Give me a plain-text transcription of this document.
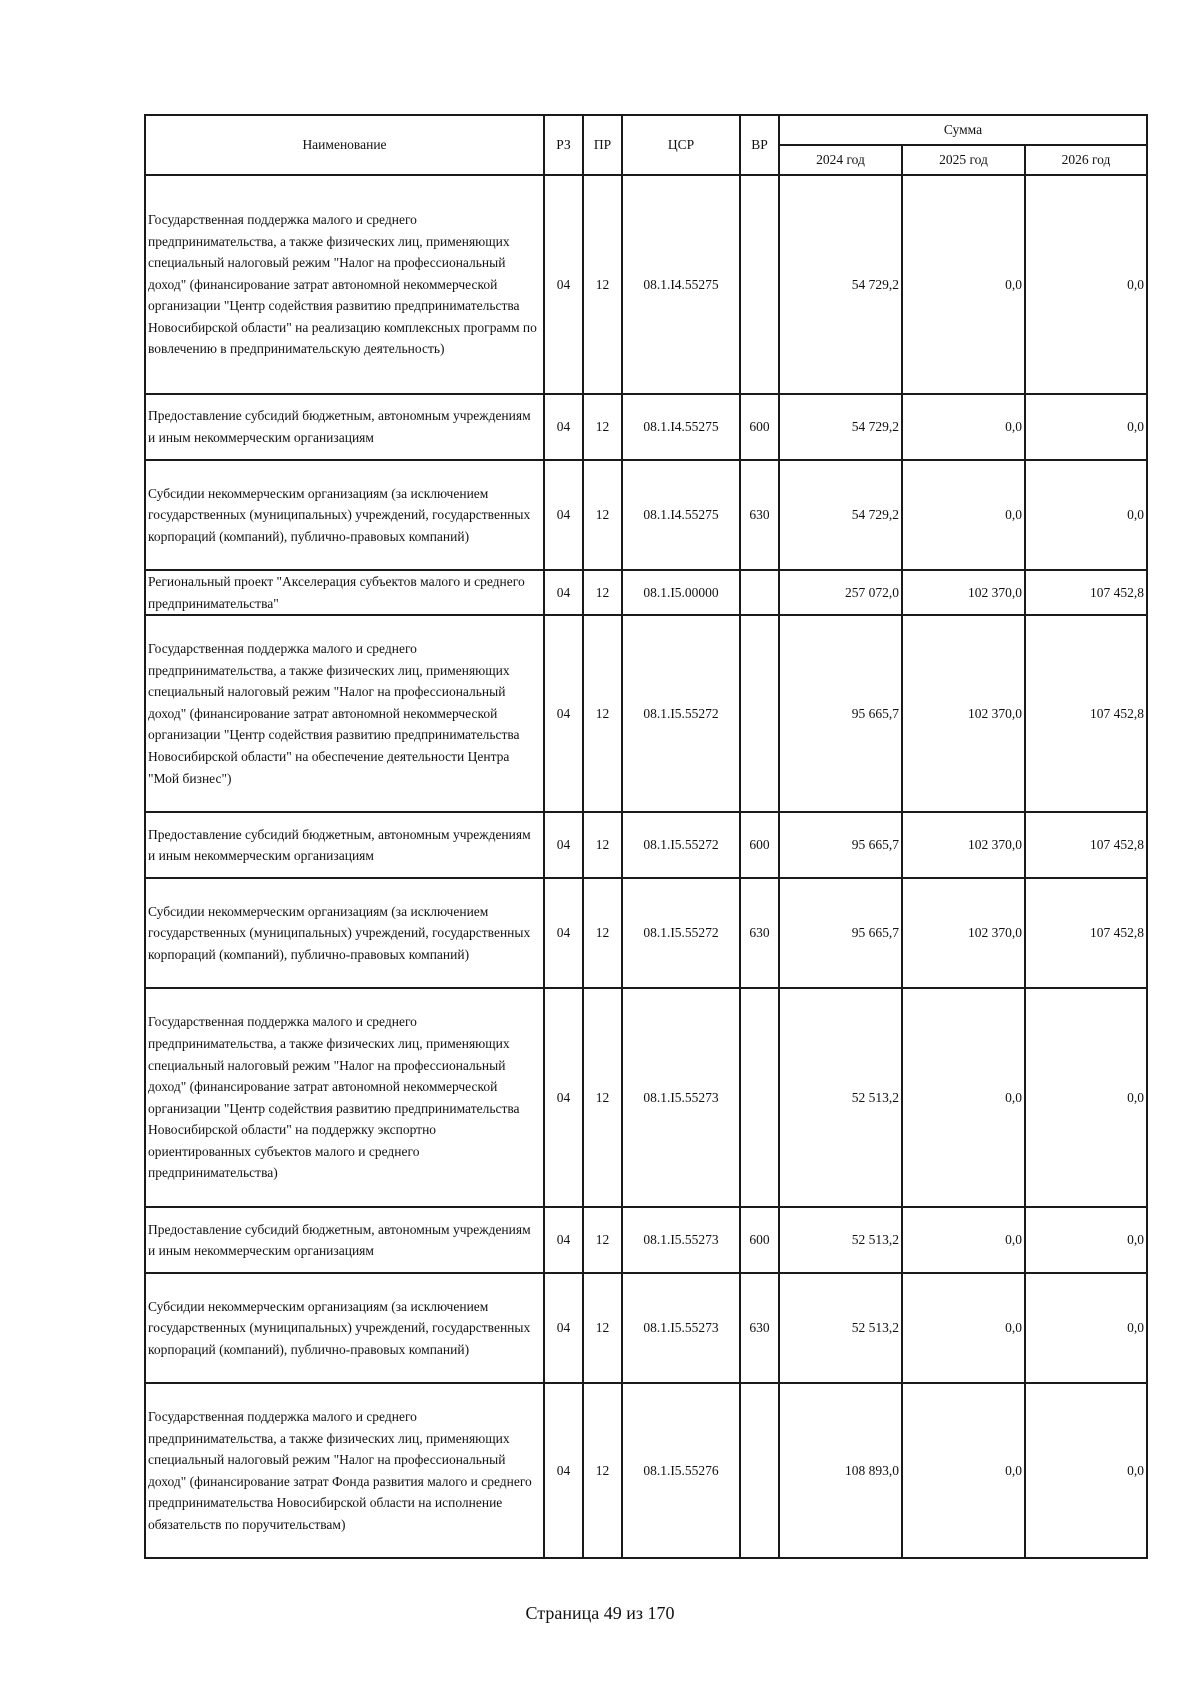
Наименование	РЗ	ПР	ЦСР	ВР	Сумма		
					2024 год	2025 год	2026 год
Государственная поддержка малого и среднего предпринимательства, а также физических лиц, применяющих специальный налоговый режим "Налог на профессиональный доход" (финансирование затрат автономной некоммерческой организации "Центр содействия развитию предпринимательства Новосибирской области" на реализацию комплексных программ по вовлечению в предпринимательскую деятельность)	04	12	08.1.I4.55275		54 729,2	0,0	0,0
Предоставление субсидий бюджетным, автономным учреждениям и иным некоммерческим организациям	04	12	08.1.I4.55275	600	54 729,2	0,0	0,0
Субсидии некоммерческим организациям (за исключением государственных (муниципальных) учреждений, государственных корпораций (компаний), публично-правовых компаний)	04	12	08.1.I4.55275	630	54 729,2	0,0	0,0
Региональный проект "Акселерация субъектов малого и среднего предпринимательства"	04	12	08.1.I5.00000		257 072,0	102 370,0	107 452,8
Государственная поддержка малого и среднего предпринимательства, а также физических лиц, применяющих специальный налоговый режим "Налог на профессиональный доход" (финансирование затрат автономной некоммерческой организации "Центр содействия развитию предпринимательства Новосибирской области" на обеспечение деятельности Центра "Мой бизнес")	04	12	08.1.I5.55272		95 665,7	102 370,0	107 452,8
Предоставление субсидий бюджетным, автономным учреждениям и иным некоммерческим организациям	04	12	08.1.I5.55272	600	95 665,7	102 370,0	107 452,8
Субсидии некоммерческим организациям (за исключением государственных (муниципальных) учреждений, государственных корпораций (компаний), публично-правовых компаний)	04	12	08.1.I5.55272	630	95 665,7	102 370,0	107 452,8
Государственная поддержка малого и среднего предпринимательства, а также физических лиц, применяющих специальный налоговый режим "Налог на профессиональный доход" (финансирование затрат автономной некоммерческой организации "Центр содействия развитию предпринимательства Новосибирской области" на поддержку экспортно ориентированных субъектов малого и среднего предпринимательства)	04	12	08.1.I5.55273		52 513,2	0,0	0,0
Предоставление субсидий бюджетным, автономным учреждениям и иным некоммерческим организациям	04	12	08.1.I5.55273	600	52 513,2	0,0	0,0
Субсидии некоммерческим организациям (за исключением государственных (муниципальных) учреждений, государственных корпораций (компаний), публично-правовых компаний)	04	12	08.1.I5.55273	630	52 513,2	0,0	0,0
Государственная поддержка малого и среднего предпринимательства, а также физических лиц, применяющих специальный налоговый режим "Налог на профессиональный доход" (финансирование затрат Фонда развития малого и среднего предпринимательства Новосибирской области на исполнение обязательств по поручительствам)	04	12	08.1.I5.55276		108 893,0	0,0	0,0
Страница 49 из 170
